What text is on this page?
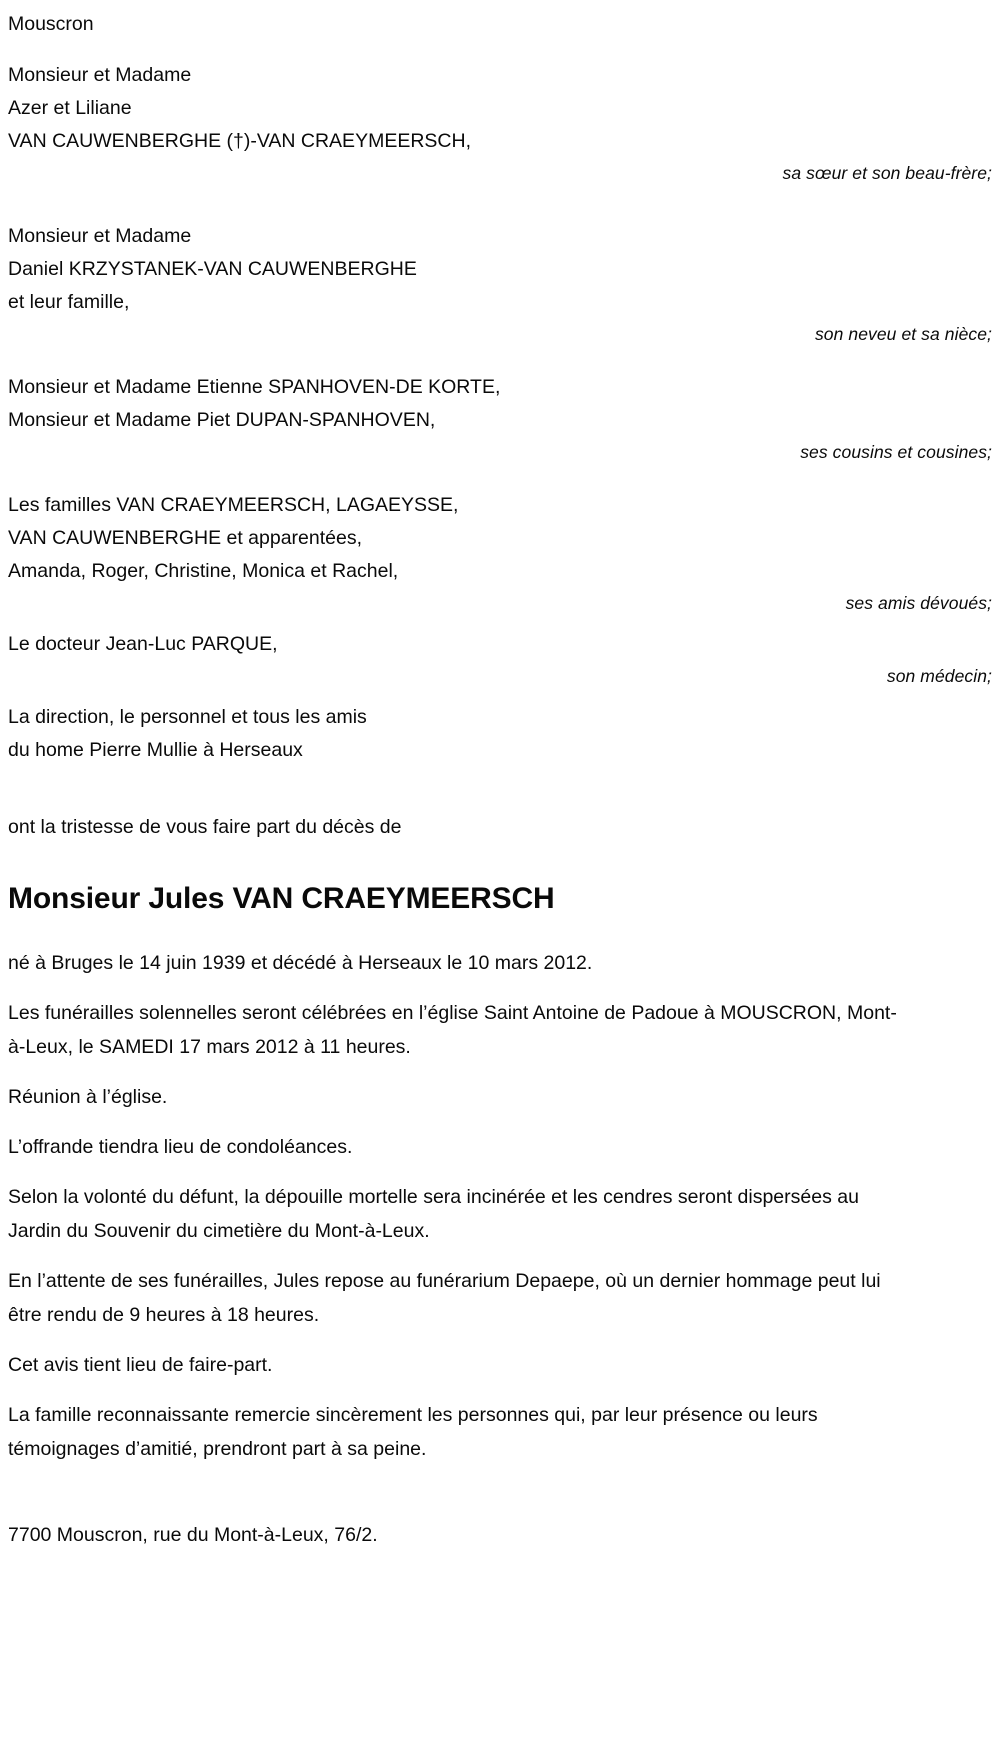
Mouscron
Monsieur et Madame
Azer et Liliane
VAN CAUWENBERGHE (†)-VAN CRAEYMEERSCH,
sa sœur et son beau-frère;
Monsieur et Madame
Daniel KRZYSTANEK-VAN CAUWENBERGHE
et leur famille,
son neveu et sa nièce;
Monsieur et Madame Etienne SPANHOVEN-DE KORTE,
Monsieur et Madame Piet DUPAN-SPANHOVEN,
ses cousins et cousines;
Les familles VAN CRAEYMEERSCH, LAGAEYSSE,
VAN CAUWENBERGHE et apparentées,
Amanda, Roger, Christine, Monica et Rachel,
ses amis dévoués;
Le docteur Jean-Luc PARQUE,
son médecin;
La direction, le personnel et tous les amis
du home Pierre Mullie à Herseaux
ont la tristesse de vous faire part du décès de
Monsieur Jules VAN CRAEYMEERSCH

né à Bruges le 14 juin 1939 et décédé à Herseaux le 10 mars 2012.

Les funérailles solennelles seront célébrées en l’église Saint Antoine de Padoue à MOUSCRON, Mont-à-Leux, le SAMEDI 17 mars 2012 à 11 heures.

Réunion à l’église.

L’offrande tiendra lieu de condoléances.

Selon la volonté du défunt, la dépouille mortelle sera incinérée et les cendres seront dispersées au Jardin du Souvenir du cimetière du Mont-à-Leux.

En l’attente de ses funérailles, Jules repose au funérarium Depaepe, où un dernier hommage peut lui être rendu de 9 heures à 18 heures.

Cet avis tient lieu de faire-part.

La famille reconnaissante remercie sincèrement les personnes qui, par leur présence ou leurs témoignages d’amitié, prendront part à sa peine.

7700 Mouscron, rue du Mont-à-Leux, 76/2.
